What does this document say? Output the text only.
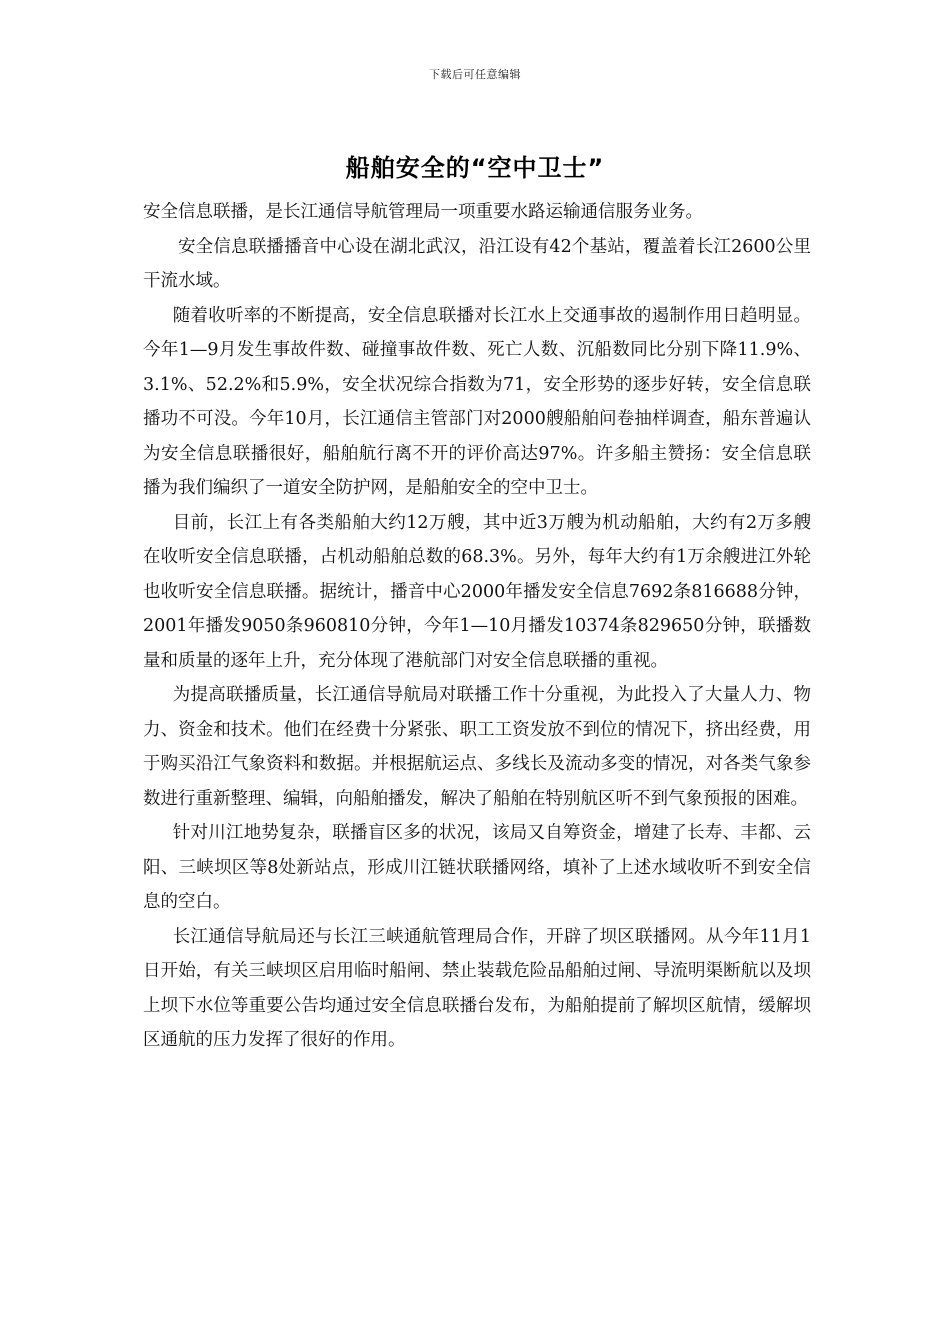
下载后可任意编辑
船舶安全的“空中卫士”

安全信息联播，是长江通信导航管理局一项重要水路运输通信服务业务。

安全信息联播播音中心设在湖北武汉，沿江设有42个基站，覆盖着长江2600公里干流水域。

随着收听率的不断提高，安全信息联播对长江水上交通事故的遏制作用日趋明显。今年1—9月发生事故件数、碰撞事故件数、死亡人数、沉船数同比分别下降11.9%、3.1%、52.2%和5.9%，安全状况综合指数为71，安全形势的逐步好转，安全信息联播功不可没。今年10月，长江通信主管部门对2000艘船舶问卷抽样调查，船东普遍认为安全信息联播很好，船舶航行离不开的评价高达97%。许多船主赞扬：安全信息联播为我们编织了一道安全防护网，是船舶安全的空中卫士。

目前，长江上有各类船舶大约12万艘，其中近3万艘为机动船舶，大约有2万多艘在收听安全信息联播，占机动船舶总数的68.3%。另外，每年大约有1万余艘进江外轮也收听安全信息联播。据统计，播音中心2000年播发安全信息7692条816688分钟，2001年播发9050条960810分钟，今年1—10月播发10374条829650分钟，联播数量和质量的逐年上升，充分体现了港航部门对安全信息联播的重视。

为提高联播质量，长江通信导航局对联播工作十分重视，为此投入了大量人力、物力、资金和技术。他们在经费十分紧张、职工工资发放不到位的情况下，挤出经费，用于购买沿江气象资料和数据。并根据航运点、多线长及流动多变的情况，对各类气象参数进行重新整理、编辑，向船舶播发，解决了船舶在特别航区听不到气象预报的困难。

针对川江地势复杂，联播盲区多的状况，该局又自筹资金，增建了长寿、丰都、云阳、三峡坝区等8处新站点，形成川江链状联播网络，填补了上述水域收听不到安全信息的空白。

长江通信导航局还与长江三峡通航管理局合作，开辟了坝区联播网。从今年11月1日开始，有关三峡坝区启用临时船闸、禁止装载危险品船舶过闸、导流明渠断航以及坝上坝下水位等重要公告均通过安全信息联播台发布，为船舶提前了解坝区航情，缓解坝区通航的压力发挥了很好的作用。
